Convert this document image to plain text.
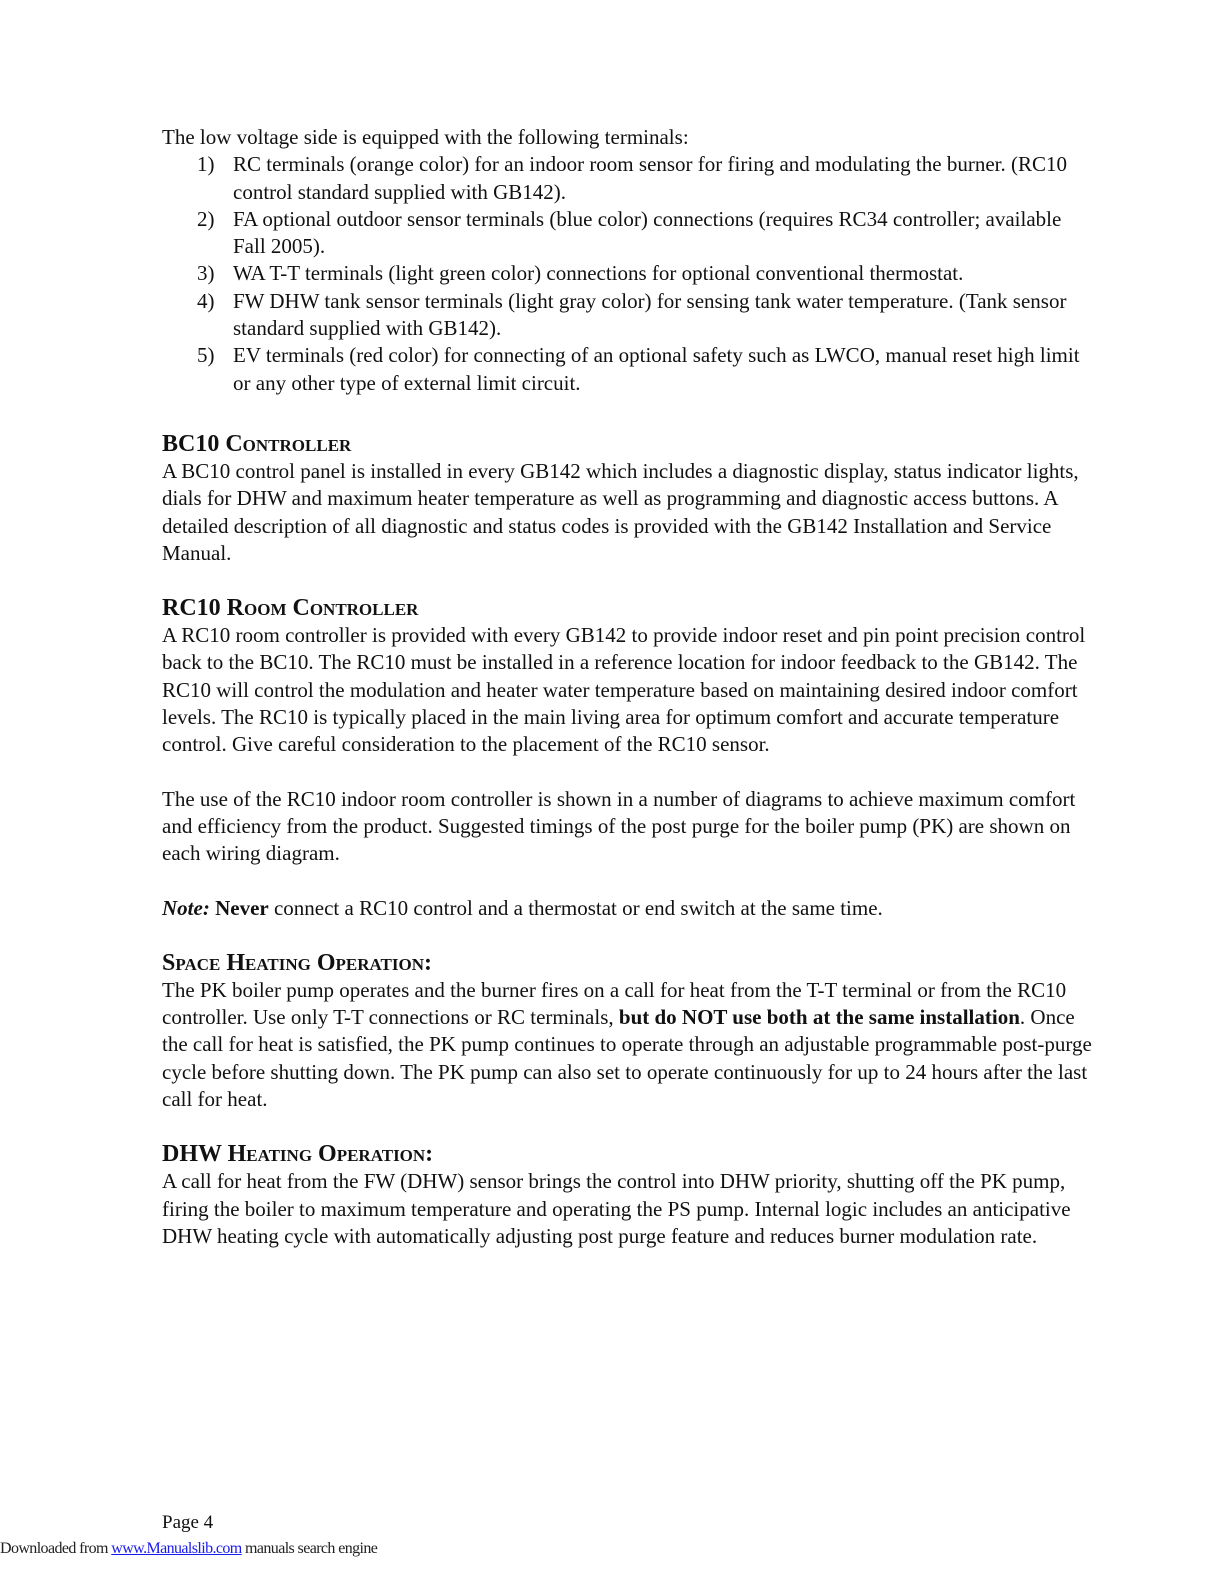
The low voltage side is equipped with the following terminals:

1) RC terminals (orange color) for an indoor room sensor for firing and modulating the burner. (RC10 control standard supplied with GB142).
2) FA optional outdoor sensor terminals (blue color) connections (requires RC34 controller; available Fall 2005).
3) WA T-T terminals (light green color) connections for optional conventional thermostat.
4) FW DHW tank sensor terminals (light gray color) for sensing tank water temperature. (Tank sensor standard supplied with GB142).
5) EV terminals (red color) for connecting of an optional safety such as LWCO, manual reset high limit or any other type of external limit circuit.
BC10 Controller

A BC10 control panel is installed in every GB142 which includes a diagnostic display, status indicator lights, dials for DHW and maximum heater temperature as well as programming and diagnostic access buttons. A detailed description of all diagnostic and status codes is provided with the GB142 Installation and Service Manual.

RC10 Room Controller

A RC10 room controller is provided with every GB142 to provide indoor reset and pin point precision control back to the BC10. The RC10 must be installed in a reference location for indoor feedback to the GB142. The RC10 will control the modulation and heater water temperature based on maintaining desired indoor comfort levels. The RC10 is typically placed in the main living area for optimum comfort and accurate temperature control. Give careful consideration to the placement of the RC10 sensor.

The use of the RC10 indoor room controller is shown in a number of diagrams to achieve maximum comfort and efficiency from the product. Suggested timings of the post purge for the boiler pump (PK) are shown on each wiring diagram.

Note: Never connect a RC10 control and a thermostat or end switch at the same time.

Space Heating Operation:

The PK boiler pump operates and the burner fires on a call for heat from the T-T terminal or from the RC10 controller. Use only T-T connections or RC terminals, but do NOT use both at the same installation. Once the call for heat is satisfied, the PK pump continues to operate through an adjustable programmable post-purge cycle before shutting down. The PK pump can also set to operate continuously for up to 24 hours after the last call for heat.

DHW Heating Operation:

A call for heat from the FW (DHW) sensor brings the control into DHW priority, shutting off the PK pump, firing the boiler to maximum temperature and operating the PS pump. Internal logic includes an anticipative DHW heating cycle with automatically adjusting post purge feature and reduces burner modulation rate.

Page 4
Downloaded from www.Manualslib.com manuals search engine
